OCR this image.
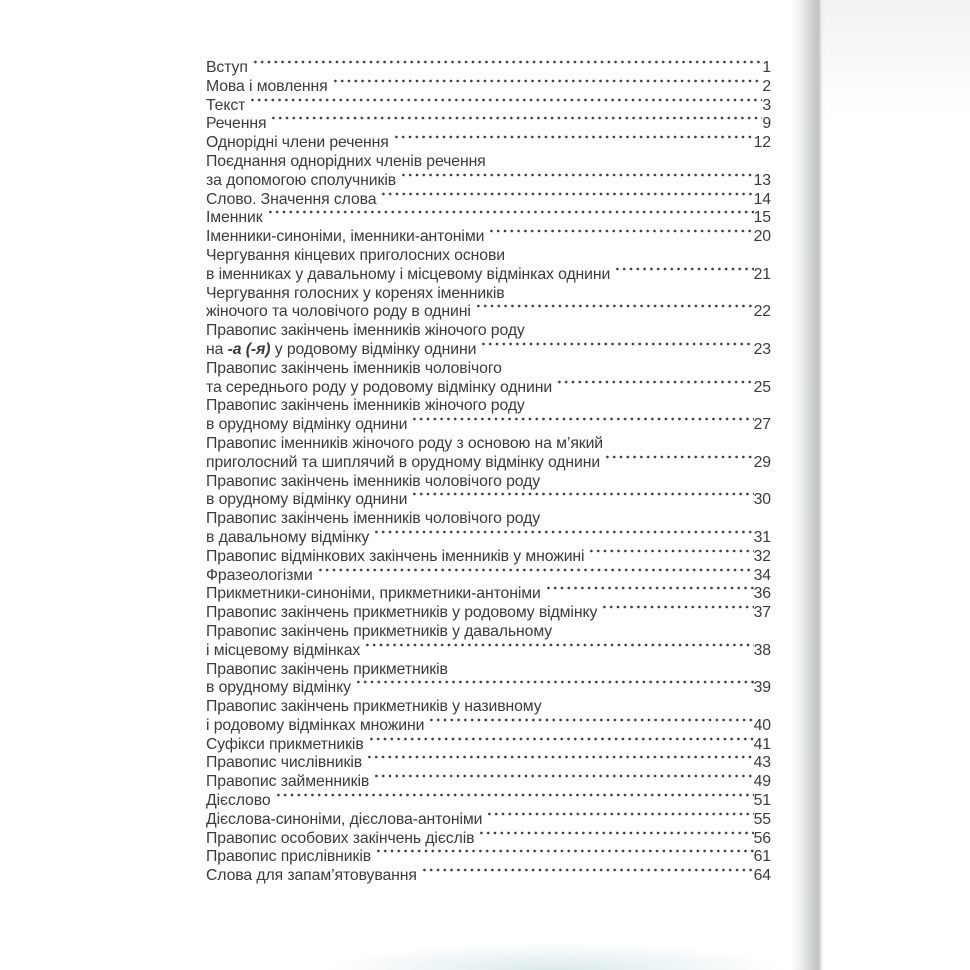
Вступ	1
Мова і мовлення	2
Текст	3
Речення	9
Однорідні члени речення	12
Поєднання однорідних членів речення
за допомогою сполучників	13
Слово. Значення слова	14
Іменник	15
Іменники-синоніми, іменники-антоніми	20
Чергування кінцевих приголосних основи
в іменниках у давальному і місцевому відмінках однини	21
Чергування голосних у коренях іменників
жіночого та чоловічого роду в однині	22
Правопис закінчень іменників жіночого роду
на -а (-я) у родовому відмінку однини	23
Правопис закінчень іменників чоловічого
та середнього роду у родовому відмінку однини	25
Правопис закінчень іменників жіночого роду
в орудному відмінку однини	27
Правопис іменників жіночого роду з основою на м’який
приголосний та шиплячий в орудному відмінку однини	29
Правопис закінчень іменників чоловічого роду
в орудному відмінку однини	30
Правопис закінчень іменників чоловічого роду
в давальному відмінку	31
Правопис відмінкових закінчень іменників у множині	32
Фразеологізми	34
Прикметники-синоніми, прикметники-антоніми	36
Правопис закінчень прикметників у родовому відмінку	37
Правопис закінчень прикметників у давальному
і місцевому відмінках	38
Правопис закінчень прикметників
в орудному відмінку	39
Правопис закінчень прикметників у називному
і родовому відмінках множини	40
Суфікси прикметників	41
Правопис числівників	43
Правопис займенників	49
Дієслово	51
Дієслова-синоніми, дієслова-антоніми	55
Правопис особових закінчень дієслів	56
Правопис прислівників	61
Слова для запам’ятовування	64
